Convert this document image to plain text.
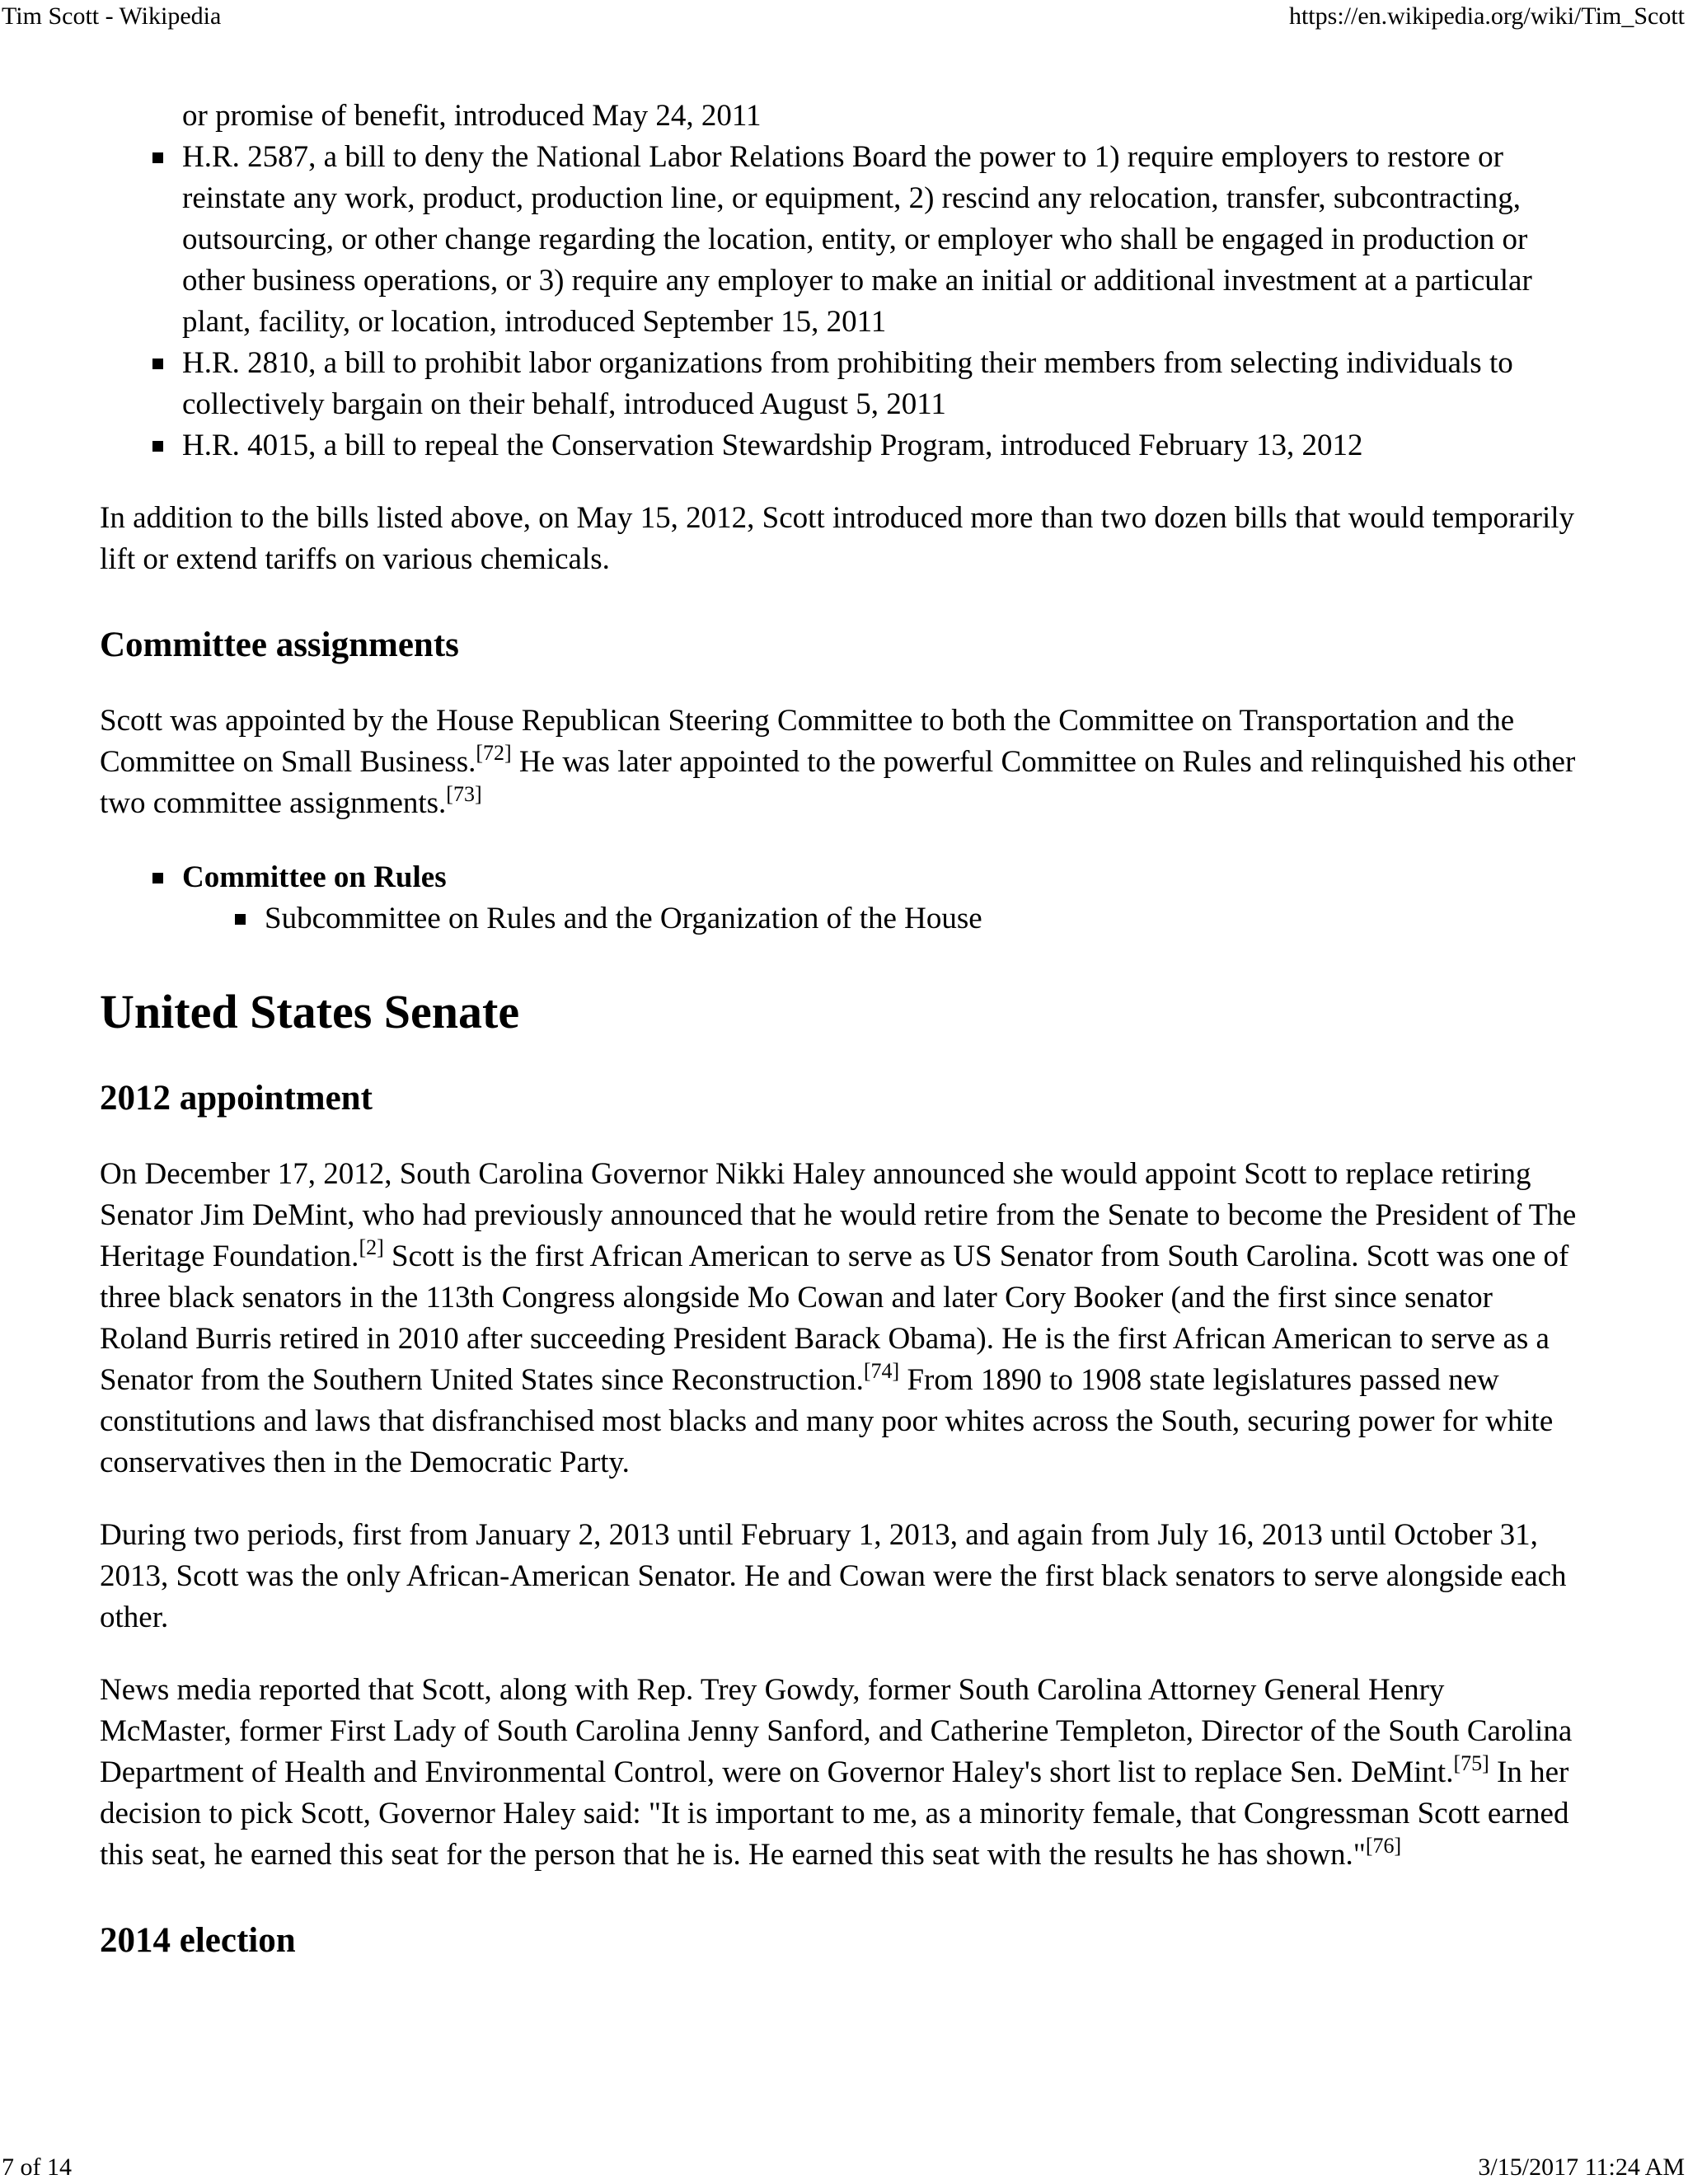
Tim Scott - Wikipedia	https://en.wikipedia.org/wiki/Tim_Scott

or promise of benefit, introduced May 24, 2011

H.R. 2587, a bill to deny the National Labor Relations Board the power to 1) require employers to restore or reinstate any work, product, production line, or equipment, 2) rescind any relocation, transfer, subcontracting, outsourcing, or other change regarding the location, entity, or employer who shall be engaged in production or other business operations, or 3) require any employer to make an initial or additional investment at a particular plant, facility, or location, introduced September 15, 2011
H.R. 2810, a bill to prohibit labor organizations from prohibiting their members from selecting individuals to collectively bargain on their behalf, introduced August 5, 2011
H.R. 4015, a bill to repeal the Conservation Stewardship Program, introduced February 13, 2012

In addition to the bills listed above, on May 15, 2012, Scott introduced more than two dozen bills that would temporarily lift or extend tariffs on various chemicals.

Committee assignments

Scott was appointed by the House Republican Steering Committee to both the Committee on Transportation and the Committee on Small Business.[72] He was later appointed to the powerful Committee on Rules and relinquished his other two committee assignments.[73]

Committee on Rules
Subcommittee on Rules and the Organization of the House
United States Senate
2012 appointment

On December 17, 2012, South Carolina Governor Nikki Haley announced she would appoint Scott to replace retiring Senator Jim DeMint, who had previously announced that he would retire from the Senate to become the President of The Heritage Foundation.[2] Scott is the first African American to serve as US Senator from South Carolina. Scott was one of three black senators in the 113th Congress alongside Mo Cowan and later Cory Booker (and the first since senator Roland Burris retired in 2010 after succeeding President Barack Obama). He is the first African American to serve as a Senator from the Southern United States since Reconstruction.[74] From 1890 to 1908 state legislatures passed new constitutions and laws that disfranchised most blacks and many poor whites across the South, securing power for white conservatives then in the Democratic Party.

During two periods, first from January 2, 2013 until February 1, 2013, and again from July 16, 2013 until October 31, 2013, Scott was the only African-American Senator. He and Cowan were the first black senators to serve alongside each other.

News media reported that Scott, along with Rep. Trey Gowdy, former South Carolina Attorney General Henry McMaster, former First Lady of South Carolina Jenny Sanford, and Catherine Templeton, Director of the South Carolina Department of Health and Environmental Control, were on Governor Haley's short list to replace Sen. DeMint.[75] In her decision to pick Scott, Governor Haley said: "It is important to me, as a minority female, that Congressman Scott earned this seat, he earned this seat for the person that he is. He earned this seat with the results he has shown."[76]

2014 election
7 of 14	3/15/2017 11:24 AM
